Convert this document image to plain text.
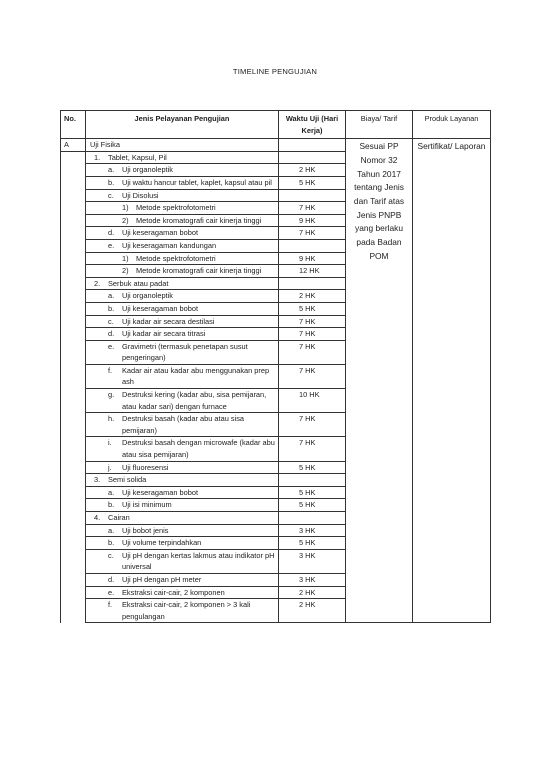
TIMELINE PENGUJIAN
No.	Jenis Pelayanan Pengujian	Waktu Uji (Hari Kerja)	Biaya/ Tarif	Produk Layanan
A	Uji Fisika		Sesuai PP Nomor 32 Tahun 2017 tentang Jenis dan Tarif atas Jenis PNPB yang berlaku pada Badan POM	Sertifikat/ Laporan

	1. Tablet, Kapsul, Pil			

	a. Uji organoleptik	2 HK		

	b. Uji waktu hancur tablet, kaplet, kapsul atau pil	5 HK		

	c. Uji Disolusi			

	1) Metode spektrofotometri	7 HK		

	2) Metode kromatografi cair kinerja tinggi	9 HK		

	d. Uji keseragaman bobot	7 HK		

	e. Uji keseragaman kandungan			

	1) Metode spektrofotometri	9 HK		

	2) Metode kromatografi cair kinerja tinggi	12 HK		

	2. Serbuk atau padat			

	a. Uji organoleptik	2 HK		

	b. Uji keseragaman bobot	5 HK		

	c. Uji kadar air secara destilasi	7 HK		

	d. Uji kadar air secara titrasi	7 HK		

	e. Gravimetri (termasuk penetapan susut pengeringan)	7 HK		

	f. Kadar air atau kadar abu menggunakan prep ash	7 HK		

	g. Destruksi kering (kadar abu, sisa pemijaran, atau kadar sari) dengan furnace	10 HK		

	h. Destruksi basah (kadar abu atau sisa pemijaran)	7 HK		

	i. Destruksi basah dengan microwafe (kadar abu atau sisa pemijaran)	7 HK		

	j. Uji fluoresensi	5 HK		

	3. Semi solida			

	a. Uji keseragaman bobot	5 HK		

	b. Uji isi minimum	5 HK		

	4. Cairan			

	a. Uji bobot jenis	3 HK		

	b. Uji volume terpindahkan	5 HK		

	c. Uji pH dengan kertas lakmus atau indikator pH universal	3 HK		

	d. Uji pH dengan pH meter	3 HK		

	e. Ekstraksi cair-cair, 2 komponen	2 HK		

	f. Ekstraksi cair-cair, 2 komponen > 3 kali pengulangan	2 HK		
